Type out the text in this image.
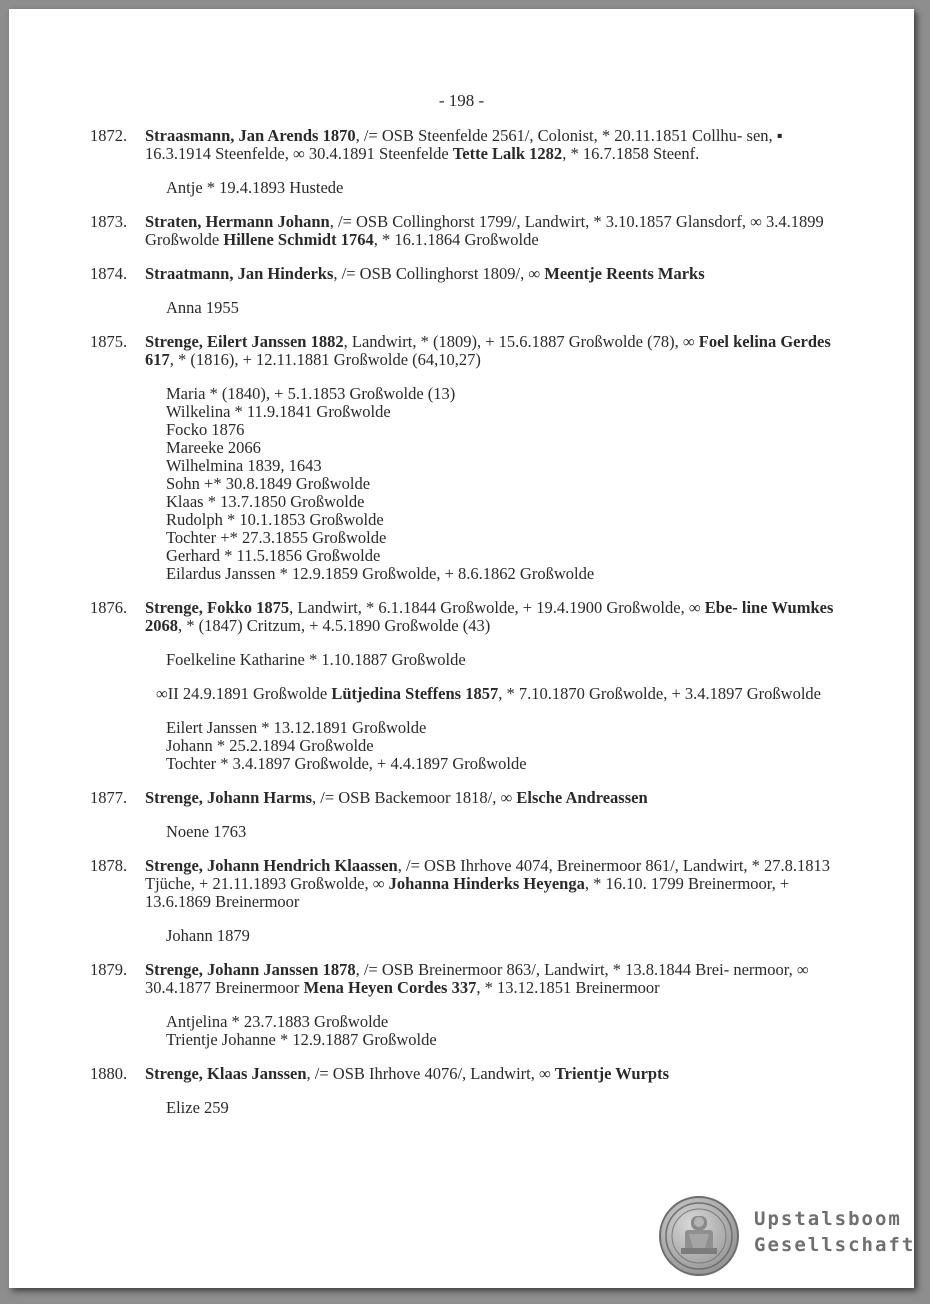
- 198 -
1872.	Straasmann, Jan Arends 1870, /= OSB Steenfelde 2561/, Colonist, * 20.11.1851 Collhu- sen, ▪ 16.3.1914 Steenfelde, ∞ 30.4.1891 Steenfelde Tette Lalk 1282, * 16.7.1858 Steenf.
Antje * 19.4.1893 Hustede
1873.	Straten, Hermann Johann, /= OSB Collinghorst 1799/, Landwirt, * 3.10.1857 Glansdorf, ∞ 3.4.1899 Großwolde Hillene Schmidt 1764, * 16.1.1864 Großwolde
1874.	Straatmann, Jan Hinderks, /= OSB Collinghorst 1809/, ∞ Meentje Reents Marks
Anna 1955
1875.	Strenge, Eilert Janssen 1882, Landwirt, * (1809), + 15.6.1887 Großwolde (78), ∞ Foel kelina Gerdes 617, * (1816), + 12.11.1881 Großwolde (64,10,27)
Maria * (1840), + 5.1.1853 Großwolde (13)
Wilkelina * 11.9.1841 Großwolde
Focko 1876
Mareeke 2066
Wilhelmina 1839, 1643
Sohn +* 30.8.1849 Großwolde
Klaas * 13.7.1850 Großwolde
Rudolph * 10.1.1853 Großwolde
Tochter +* 27.3.1855 Großwolde
Gerhard * 11.5.1856 Großwolde
Eilardus Janssen * 12.9.1859 Großwolde, + 8.6.1862 Großwolde
1876.	Strenge, Fokko 1875, Landwirt, * 6.1.1844 Großwolde, + 19.4.1900 Großwolde, ∞ Ebe- line Wumkes 2068, * (1847) Critzum, + 4.5.1890 Großwolde (43)
Foelkeline Katharine * 1.10.1887 Großwolde
∞II 24.9.1891 Großwolde Lütjedina Steffens 1857, * 7.10.1870 Großwolde, + 3.4.1897 Großwolde
Eilert Janssen * 13.12.1891 Großwolde
Johann * 25.2.1894 Großwolde
Tochter * 3.4.1897 Großwolde, + 4.4.1897 Großwolde
1877.	Strenge, Johann Harms, /= OSB Backemoor 1818/, ∞ Elsche Andreassen
Noene 1763
1878.	Strenge, Johann Hendrich Klaassen, /= OSB Ihrhove 4074, Breinermoor 861/, Landwirt, * 27.8.1813 Tjüche, + 21.11.1893 Großwolde, ∞ Johanna Hinderks Heyenga, * 16.10. 1799 Breinermoor, + 13.6.1869 Breinermoor
Johann 1879
1879.	Strenge, Johann Janssen 1878, /= OSB Breinermoor 863/, Landwirt, * 13.8.1844 Brei- nermoor, ∞ 30.4.1877 Breinermoor Mena Heyen Cordes 337, * 13.12.1851 Breinermoor
Antjelina * 23.7.1883 Großwolde
Trientje Johanne * 12.9.1887 Großwolde
1880.	Strenge, Klaas Janssen, /= OSB Ihrhove 4076/, Landwirt, ∞ Trientje Wurpts
Elize 259
Upstalsboom
Gesellschaft
